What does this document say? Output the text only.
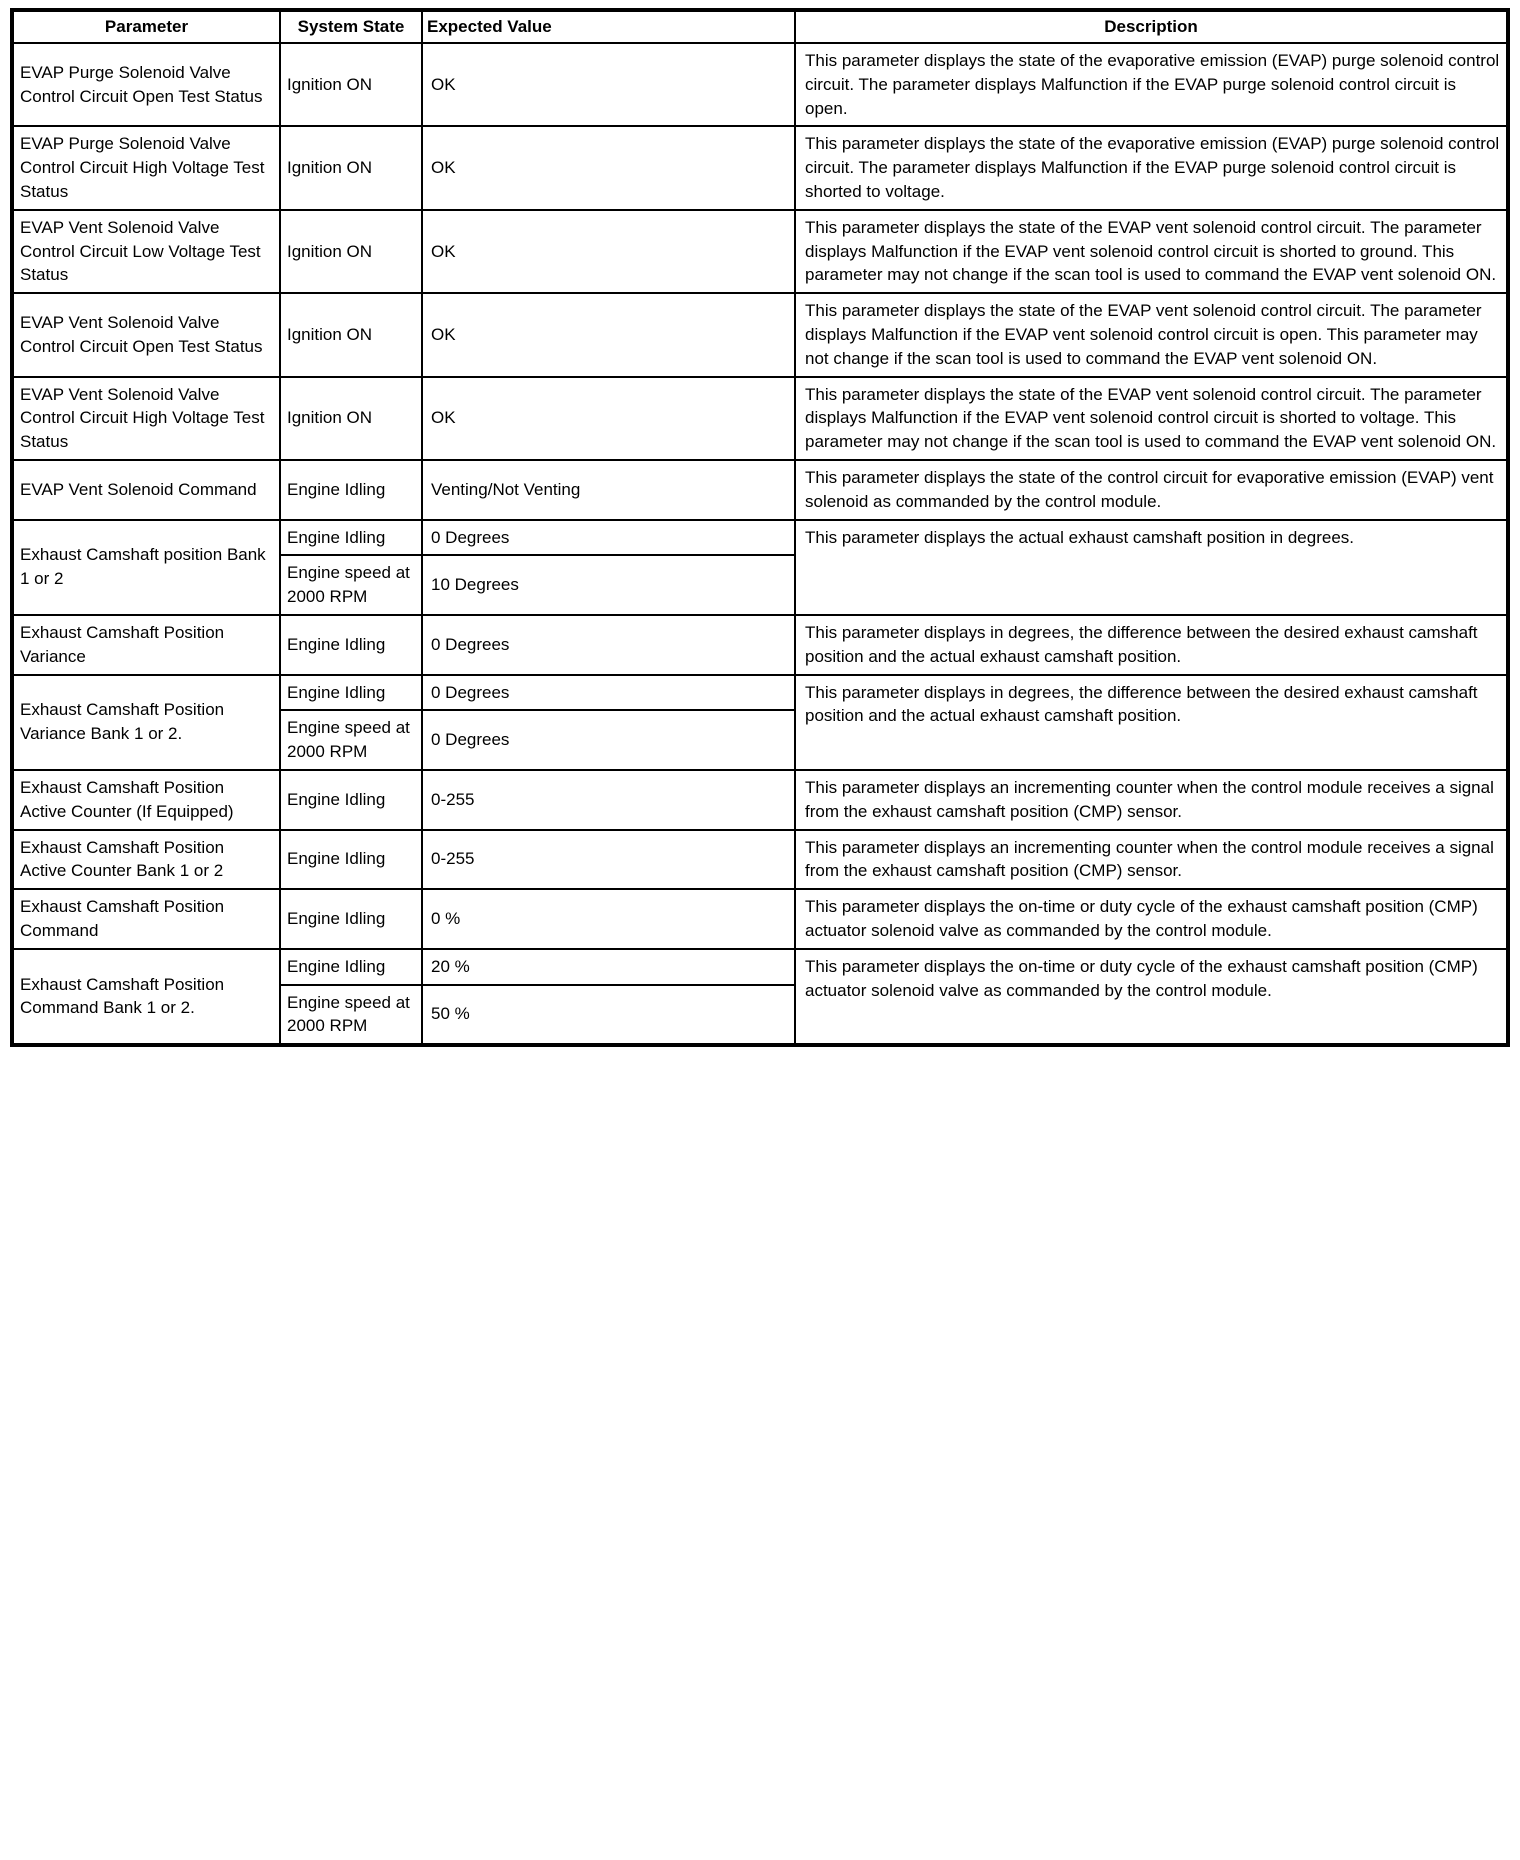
Parameter	System State	Expected Value	Description
EVAP Purge Solenoid Valve Control Circuit Open Test Status	Ignition ON	OK	This parameter displays the state of the evaporative emission (EVAP) purge solenoid control circuit. The parameter displays Malfunction if the EVAP purge solenoid control circuit is open.
EVAP Purge Solenoid Valve Control Circuit High Voltage Test Status	Ignition ON	OK	This parameter displays the state of the evaporative emission (EVAP) purge solenoid control circuit. The parameter displays Malfunction if the EVAP purge solenoid control circuit is shorted to voltage.
EVAP Vent Solenoid Valve Control Circuit Low Voltage Test Status	Ignition ON	OK	This parameter displays the state of the EVAP vent solenoid control circuit. The parameter displays Malfunction if the EVAP vent solenoid control circuit is shorted to ground. This parameter may not change if the scan tool is used to command the EVAP vent solenoid ON.
EVAP Vent Solenoid Valve Control Circuit Open Test Status	Ignition ON	OK	This parameter displays the state of the EVAP vent solenoid control circuit. The parameter displays Malfunction if the EVAP vent solenoid control circuit is open. This parameter may not change if the scan tool is used to command the EVAP vent solenoid ON.
EVAP Vent Solenoid Valve Control Circuit High Voltage Test Status	Ignition ON	OK	This parameter displays the state of the EVAP vent solenoid control circuit. The parameter displays Malfunction if the EVAP vent solenoid control circuit is shorted to voltage. This parameter may not change if the scan tool is used to command the EVAP vent solenoid ON.
EVAP Vent Solenoid Command	Engine Idling	Venting/Not Venting	This parameter displays the state of the control circuit for evaporative emission (EVAP) vent solenoid as commanded by the control module.
Exhaust Camshaft position Bank 1 or 2	Engine Idling	0 Degrees	This parameter displays the actual exhaust camshaft position in degrees.
	Engine speed at 2000 RPM	10 Degrees	
Exhaust Camshaft Position Variance	Engine Idling	0 Degrees	This parameter displays in degrees, the difference between the desired exhaust camshaft position and the actual exhaust camshaft position.
Exhaust Camshaft Position Variance Bank 1 or 2.	Engine Idling	0 Degrees	This parameter displays in degrees, the difference between the desired exhaust camshaft position and the actual exhaust camshaft position.
	Engine speed at 2000 RPM	0 Degrees	
Exhaust Camshaft Position Active Counter (If Equipped)	Engine Idling	0-255	This parameter displays an incrementing counter when the control module receives a signal from the exhaust camshaft position (CMP) sensor.
Exhaust Camshaft Position Active Counter Bank 1 or 2	Engine Idling	0-255	This parameter displays an incrementing counter when the control module receives a signal from the exhaust camshaft position (CMP) sensor.
Exhaust Camshaft Position Command	Engine Idling	0 %	This parameter displays the on-time or duty cycle of the exhaust camshaft position (CMP) actuator solenoid valve as commanded by the control module.
Exhaust Camshaft Position Command Bank 1 or 2.	Engine Idling	20 %	This parameter displays the on-time or duty cycle of the exhaust camshaft position (CMP) actuator solenoid valve as commanded by the control module.
	Engine speed at 2000 RPM	50 %	
